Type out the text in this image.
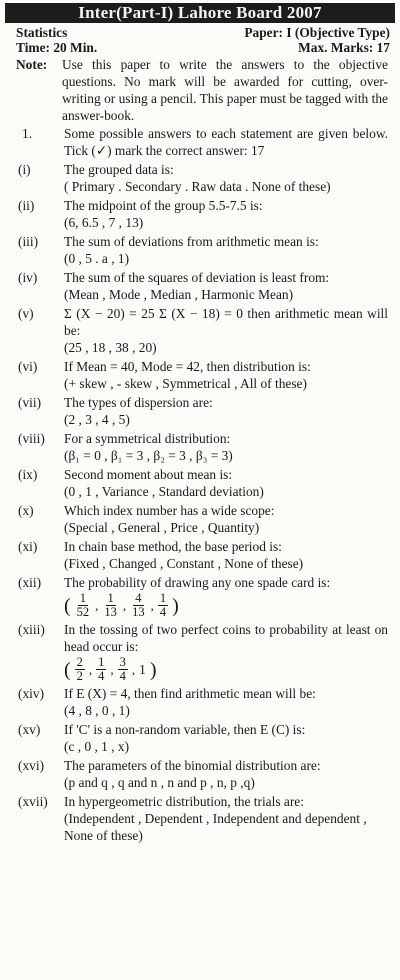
Inter(Part-I) Lahore Board 2007
Statistics	Paper: I (Objective Type)
Time: 20 Min.	Max. Marks: 17
Note:	Use this paper to write the answers to the objective questions. No mark will be awarded for cutting, over-writing or using a pencil. This paper must be tagged with the answer-book.
1.	Some possible answers to each statement are given below. Tick (✓) mark the correct answer: 17
(i)	The grouped data is:
( Primary . Secondary . Raw data . None of these)
(ii)	The midpoint of the group 5.5-7.5 is:
(6, 6.5 , 7 , 13)
(iii)	The sum of deviations from arithmetic mean is:
(0 , 5 . a , 1)
(iv)	The sum of the squares of deviation is least from:
(Mean , Mode , Median , Harmonic Mean)
(v)	Σ (X − 20) = 25 Σ (X − 18) = 0 then arithmetic mean will be:
(25 , 18 , 38 , 20)
(vi)	If Mean = 40, Mode = 42, then distribution is:
(+ skew , - skew , Symmetrical , All of these)
(vii)	The types of dispersion are:
(2 , 3 , 4 , 5)
(viii)	For a symmetrical distribution:
(β₁ = 0 , β₁ = 3 , β₂ = 3 , β₃ = 3)
(ix)	Second moment about mean is:
(0 , 1 , Variance , Standard deviation)
(x)	Which index number has a wide scope:
(Special , General , Price , Quantity)
(xi)	In chain base method, the base period is:
(Fixed , Changed , Constant , None of these)
(xii)	The probability of drawing any one spade card is:
( $\frac{1}{52}$ , $\frac{1}{13}$ , $\frac{4}{13}$ , $\frac{1}{4}$ )
(xiii)	In the tossing of two perfect coins to probability at least on head occur is:
( $\frac{2}{2}$ , $\frac{1}{4}$ , $\frac{3}{4}$ , 1 )
(xiv)	If E (X) = 4, then find arithmetic mean will be:
(4 , 8 , 0 , 1)
(xv)	If 'C' is a non-random variable, then E (C) is:
(c , 0 , 1 , x)
(xvi)	The parameters of the binomial distribution are:
(p and q , q and n , n and p , n, p ,q)
(xvii)	In hypergeometric distribution, the trials are:
(Independent , Dependent , Independent and dependent , None of these)
